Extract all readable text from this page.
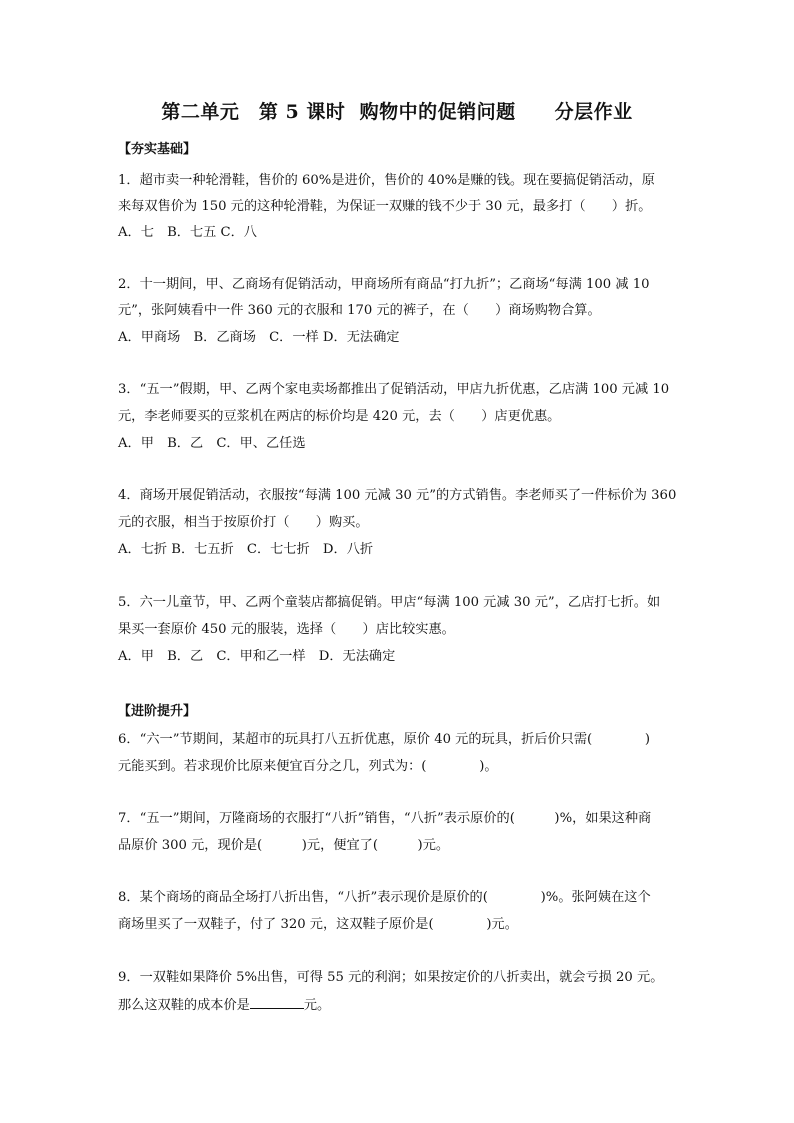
第二单元　第 5 课时  购物中的促销问题　　分层作业
【夯实基础】
1．超市卖一种轮滑鞋，售价的 60%是进价，售价的 40%是赚的钱。现在要搞促销活动，原
来每双售价为 150 元的这种轮滑鞋，为保证一双赚的钱不少于 30 元，最多打（　　）折。
A．七　B．七五 C．八
2．十一期间，甲、乙商场有促销活动，甲商场所有商品“打九折”；乙商场“每满 100 减 10
元”，张阿姨看中一件 360 元的衣服和 170 元的裤子，在（　　）商场购物合算。
A．甲商场　B．乙商场　C．一样 D．无法确定
3．“五一”假期，甲、乙两个家电卖场都推出了促销活动，甲店九折优惠，乙店满 100 元减 10
元，李老师要买的豆浆机在两店的标价均是 420 元，去（　　）店更优惠。
A．甲　B．乙　C．甲、乙任选
4．商场开展促销活动，衣服按“每满 100 元减 30 元”的方式销售。李老师买了一件标价为 360
元的衣服，相当于按原价打（　　）购买。
A．七折 B．七五折　C．七七折　D．八折
5．六一儿童节，甲、乙两个童装店都搞促销。甲店“每满 100 元减 30 元”，乙店打七折。如
果买一套原价 450 元的服装，选择（　　）店比较实惠。
A．甲　B．乙　C．甲和乙一样　D．无法确定
【进阶提升】
6．“六一”节期间，某超市的玩具打八五折优惠，原价 40 元的玩具，折后价只需(　　　　)
元能买到。若求现价比原来便宜百分之几，列式为：(　　　　)。
7．“五一”期间，万隆商场的衣服打“八折”销售，“八折”表示原价的(　　　)%，如果这种商
品原价 300 元，现价是(　　　)元，便宜了(　　　)元。
8．某个商场的商品全场打八折出售，“八折”表示现价是原价的(　　　　)%。张阿姨在这个
商场里买了一双鞋子，付了 320 元，这双鞋子原价是(　　　　)元。
9．一双鞋如果降价 5%出售，可得 55 元的利润；如果按定价的八折卖出，就会亏损 20 元。
那么这双鞋的成本价是	元。
